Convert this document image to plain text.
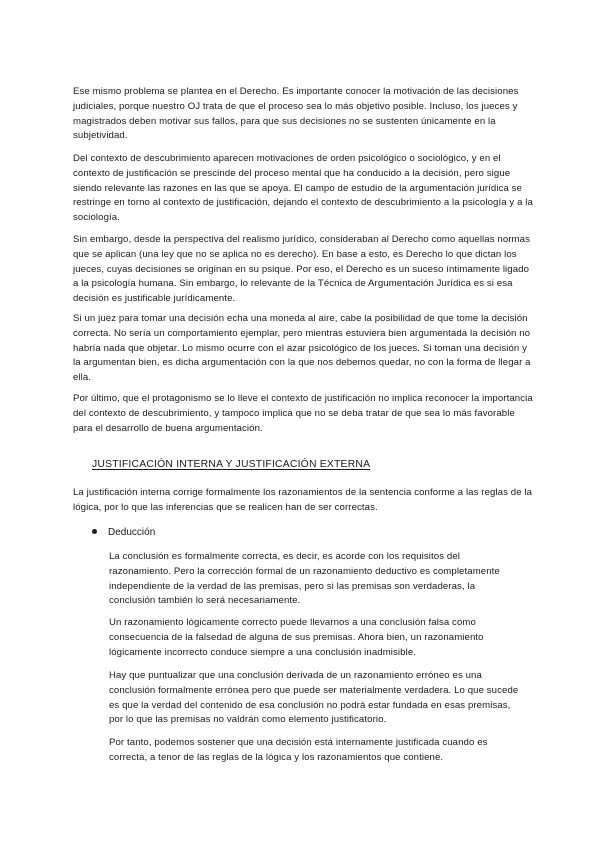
Ese mismo problema se plantea en el Derecho. Es importante conocer la motivación de las decisiones judiciales, porque nuestro OJ trata de que el proceso sea lo más objetivo posible. Incluso, los jueces y magistrados deben motivar sus fallos, para que sus decisiones no se sustenten únicamente en la subjetividad.

Del contexto de descubrimiento aparecen motivaciones de orden psicológico o sociológico, y en el contexto de justificación se prescinde del proceso mental que ha conducido a la decisión, pero sigue siendo relevante las razones en las que se apoya. El campo de estudio de la argumentación jurídica se restringe en torno al contexto de justificación, dejando el contexto de descubrimiento a la psicología y a la sociología.

Sin embargo, desde la perspectiva del realismo jurídico, consideraban al Derecho como aquellas normas que se aplican (una ley que no se aplica no es derecho). En base a esto, es Derecho lo que dictan los jueces, cuyas decisiones se originan en su psique. Por eso, el Derecho es un suceso íntimamente ligado a la psicología humana. Sin embargo, lo relevante de la Técnica de Argumentación Jurídica es si esa decisión es justificable jurídicamente.

Si un juez para tomar una decisión echa una moneda al aire, cabe la posibilidad de que tome la decisión correcta. No sería un comportamiento ejemplar, pero mientras estuviera bien argumentada la decisión no habría nada que objetar. Lo mismo ocurre con el azar psicológico de los jueces. Si toman una decisión y la argumentan bien, es dicha argumentación con la que nos debemos quedar, no con la forma de llegar a ella.

Por último, que el protagonismo se lo lleve el contexto de justificación no implica reconocer la importancia del contexto de descubrimiento, y tampoco implica que no se deba tratar de que sea lo más favorable para el desarrollo de buena argumentación.

JUSTIFICACIÓN INTERNA Y JUSTIFICACIÓN EXTERNA

La justificación interna corrige formalmente los razonamientos de la sentencia conforme a las reglas de la lógica, por lo que las inferencias que se realicen han de ser correctas.

Deducción

La conclusión es formalmente correcta, es decir, es acorde con los requisitos del razonamiento. Pero la corrección formal de un razonamiento deductivo es completamente independiente de la verdad de las premisas, pero si las premisas son verdaderas, la conclusión también lo será necesariamente.

Un razonamiento lógicamente correcto puede llevarnos a una conclusión falsa como consecuencia de la falsedad de alguna de sus premisas. Ahora bien, un razonamiento lógicamente incorrecto conduce siempre a una conclusión inadmisible.

Hay que puntualizar que una conclusión derivada de un razonamiento erróneo es una conclusión formalmente errónea pero que puede ser materialmente verdadera. Lo que sucede es que la verdad del contenido de esa conclusión no podrá estar fundada en esas premisas, por lo que las premisas no valdrán como elemento justificatorio.

Por tanto, podemos sostener que una decisión está internamente justificada cuando es correcta, a tenor de las reglas de la lógica y los razonamientos que contiene.
